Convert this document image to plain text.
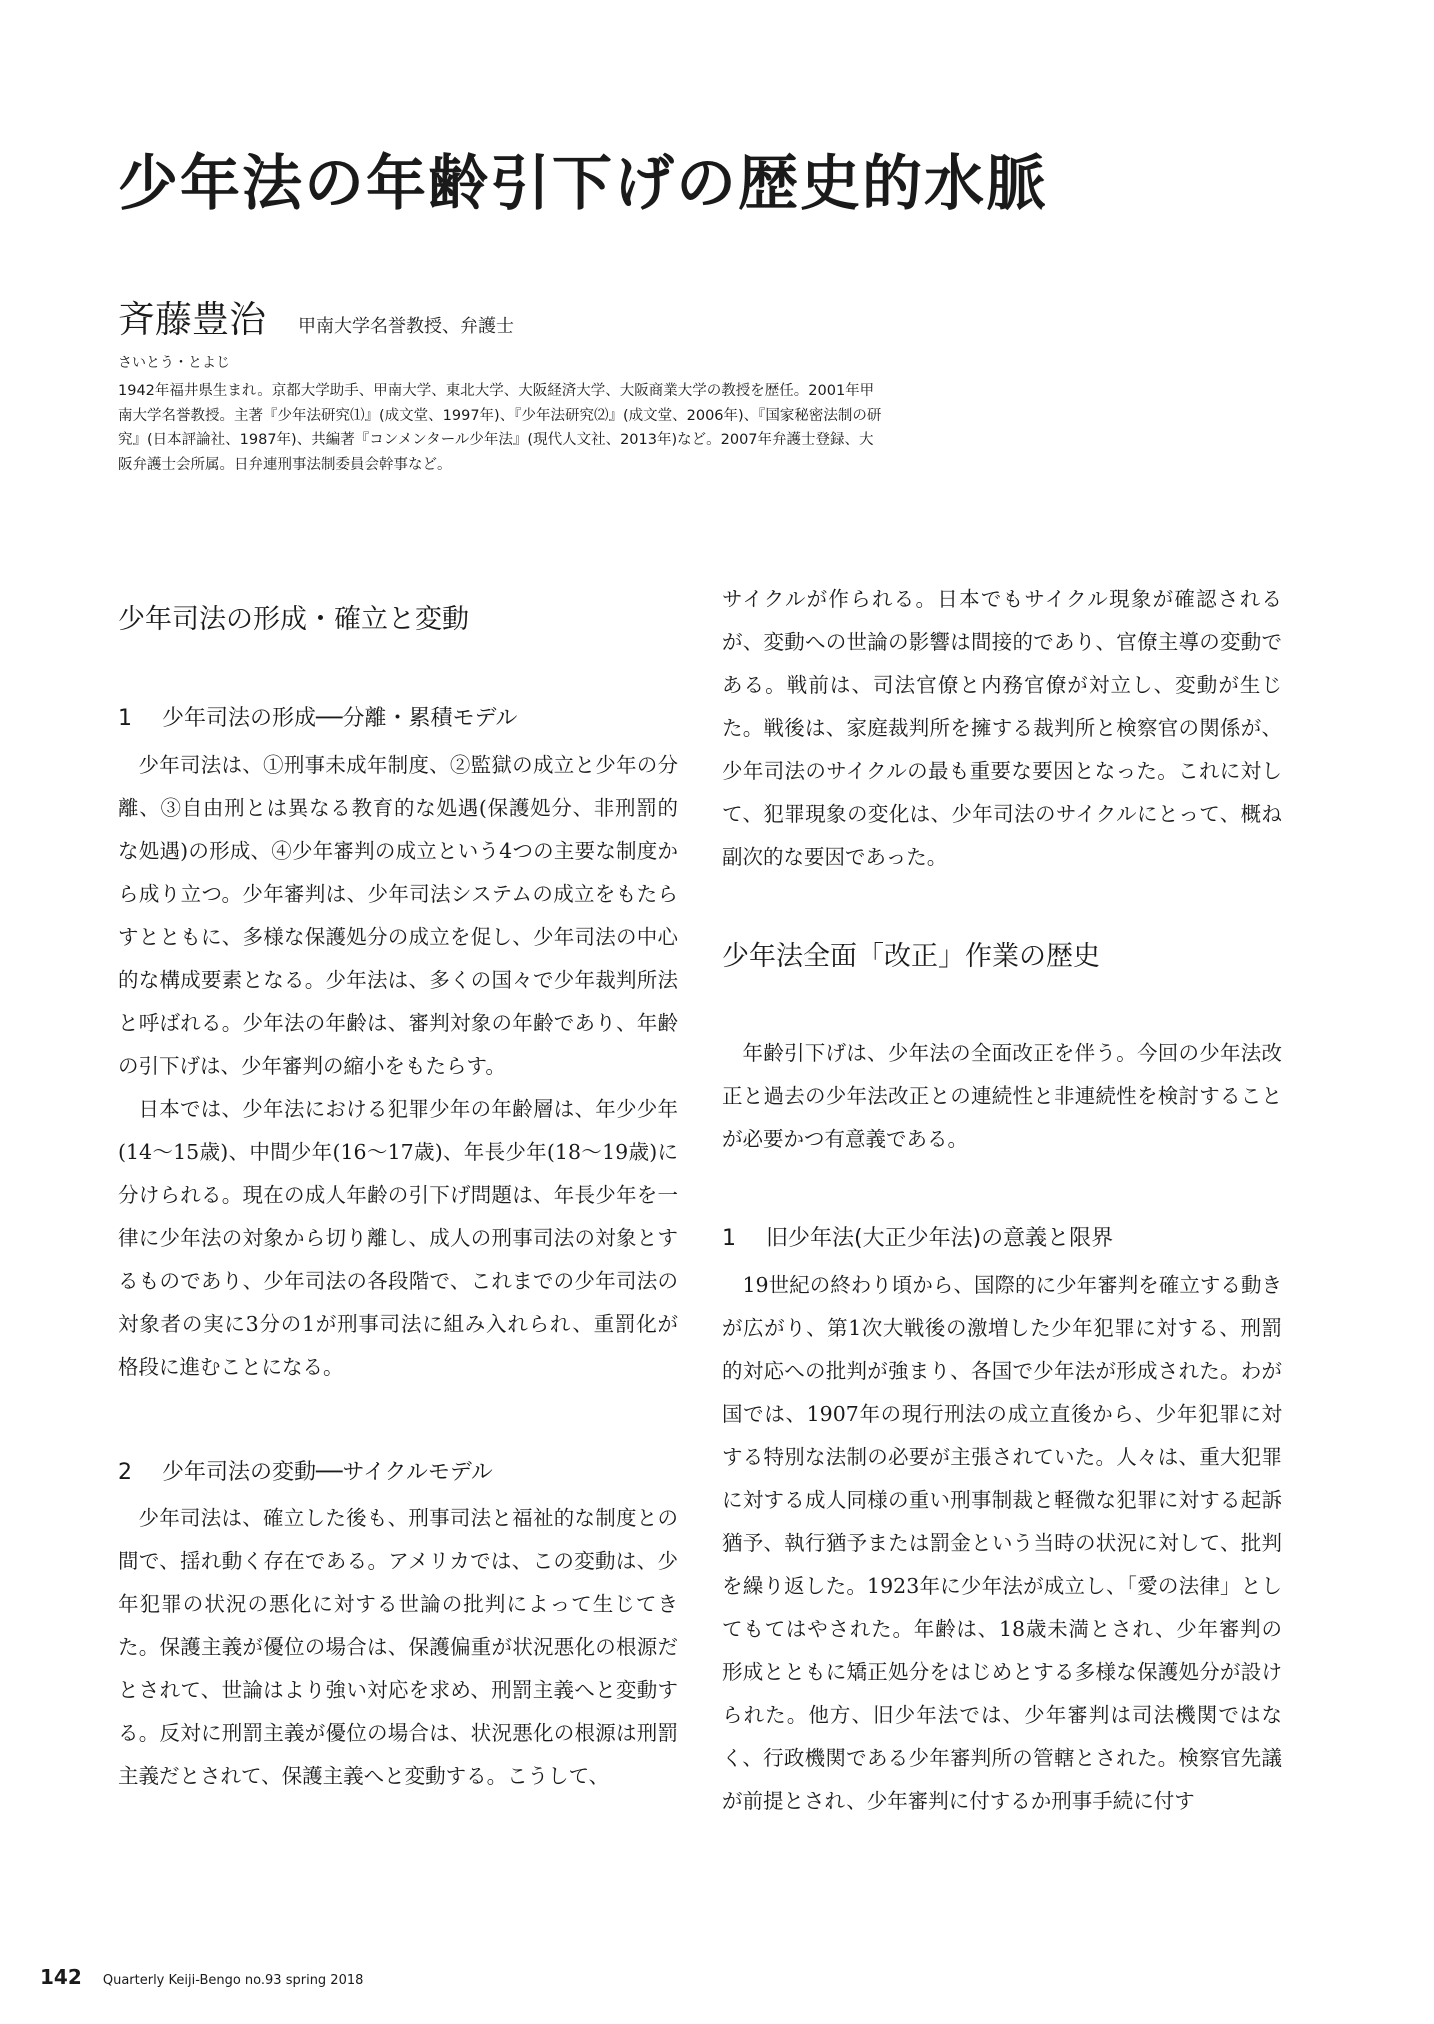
少年法の年齢引下げの歴史的水脈
斉藤豊治 甲南大学名誉教授、弁護士
さいとう・とよじ

1942年福井県生まれ。京都大学助手、甲南大学、東北大学、大阪経済大学、大阪商業大学の教授を歴任。2001年甲南大学名誉教授。主著『少年法研究⑴』(成文堂、1997年)、『少年法研究⑵』(成文堂、2006年)、『国家秘密法制の研究』(日本評論社、1987年)、共編著『コンメンタール少年法』(現代人文社、2013年)など。2007年弁護士登録、大阪弁護士会所属。日弁連刑事法制委員会幹事など。

少年司法の形成・確立と変動
1 少年司法の形成──分離・累積モデル

少年司法は、①刑事未成年制度、②監獄の成立と少年の分離、③自由刑とは異なる教育的な処遇(保護処分、非刑罰的な処遇)の形成、④少年審判の成立という4つの主要な制度から成り立つ。少年審判は、少年司法システムの成立をもたらすとともに、多様な保護処分の成立を促し、少年司法の中心的な構成要素となる。少年法は、多くの国々で少年裁判所法と呼ばれる。少年法の年齢は、審判対象の年齢であり、年齢の引下げは、少年審判の縮小をもたらす。

日本では、少年法における犯罪少年の年齢層は、年少少年(14〜15歳)、中間少年(16〜17歳)、年長少年(18〜19歳)に分けられる。現在の成人年齢の引下げ問題は、年長少年を一律に少年法の対象から切り離し、成人の刑事司法の対象とするものであり、少年司法の各段階で、これまでの少年司法の対象者の実に3分の1が刑事司法に組み入れられ、重罰化が格段に進むことになる。

2 少年司法の変動──サイクルモデル

少年司法は、確立した後も、刑事司法と福祉的な制度との間で、揺れ動く存在である。アメリカでは、この変動は、少年犯罪の状況の悪化に対する世論の批判によって生じてきた。保護主義が優位の場合は、保護偏重が状況悪化の根源だとされて、世論はより強い対応を求め、刑罰主義へと変動する。反対に刑罰主義が優位の場合は、状況悪化の根源は刑罰主義だとされて、保護主義へと変動する。こうして、

サイクルが作られる。日本でもサイクル現象が確認されるが、変動への世論の影響は間接的であり、官僚主導の変動である。戦前は、司法官僚と内務官僚が対立し、変動が生じた。戦後は、家庭裁判所を擁する裁判所と検察官の関係が、少年司法のサイクルの最も重要な要因となった。これに対して、犯罪現象の変化は、少年司法のサイクルにとって、概ね副次的な要因であった。

少年法全面「改正」作業の歴史

年齢引下げは、少年法の全面改正を伴う。今回の少年法改正と過去の少年法改正との連続性と非連続性を検討することが必要かつ有意義である。

1 旧少年法(大正少年法)の意義と限界

19世紀の終わり頃から、国際的に少年審判を確立する動きが広がり、第1次大戦後の激増した少年犯罪に対する、刑罰的対応への批判が強まり、各国で少年法が形成された。わが国では、1907年の現行刑法の成立直後から、少年犯罪に対する特別な法制の必要が主張されていた。人々は、重大犯罪に対する成人同様の重い刑事制裁と軽微な犯罪に対する起訴猶予、執行猶予または罰金という当時の状況に対して、批判を繰り返した。1923年に少年法が成立し、「愛の法律」としてもてはやされた。年齢は、18歳未満とされ、少年審判の形成とともに矯正処分をはじめとする多様な保護処分が設けられた。他方、旧少年法では、少年審判は司法機関ではなく、行政機関である少年審判所の管轄とされた。検察官先議が前提とされ、少年審判に付するか刑事手続に付す

142 Quarterly Keiji-Bengo no.93 spring 2018
